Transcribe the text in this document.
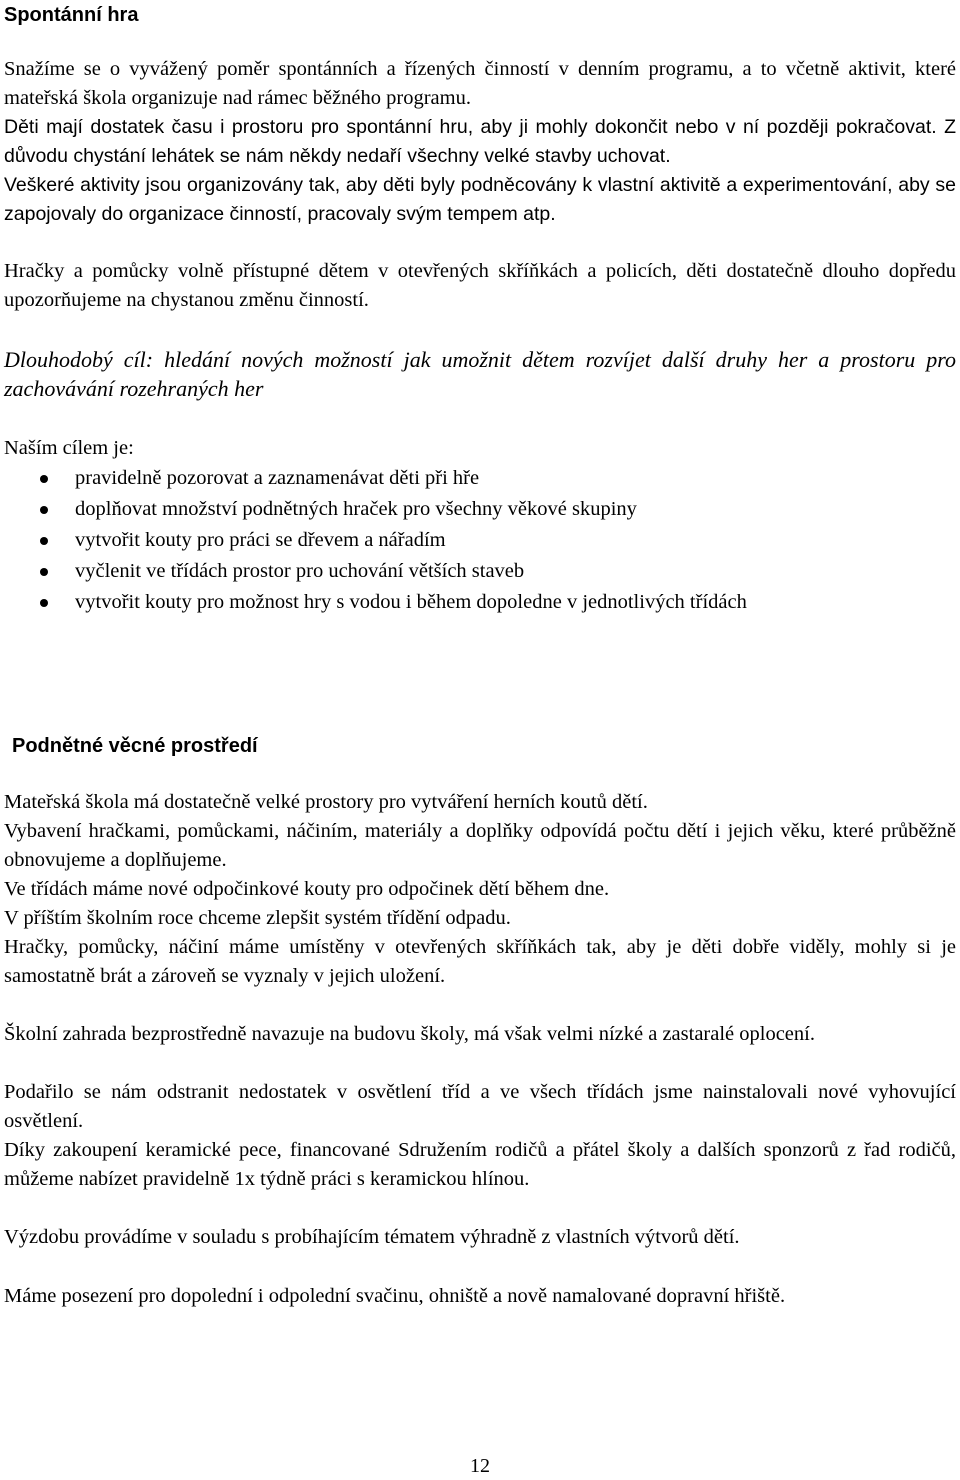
Spontánní hra

Snažíme se o vyvážený poměr spontánních a řízených činností v denním programu, a to včetně aktivit, které mateřská škola organizuje nad rámec běžného programu.

Děti mají dostatek času i prostoru pro spontánní hru, aby ji mohly dokončit nebo v ní později pokračovat. Z důvodu chystání lehátek se nám někdy nedaří všechny velké stavby uchovat.

Veškeré aktivity jsou organizovány tak, aby děti byly podněcovány k vlastní aktivitě a experimentování, aby se zapojovaly do organizace činností, pracovaly svým tempem atp.

Hračky a pomůcky volně přístupné dětem v otevřených skříňkách a policích, děti dostatečně dlouho dopředu upozorňujeme na chystanou změnu činností.

Dlouhodobý cíl: hledání nových možností jak umožnit dětem rozvíjet další druhy her a prostoru pro zachovávání rozehraných her

Naším cílem je:

pravidelně pozorovat a zaznamenávat děti při hře
doplňovat množství podnětných hraček pro všechny věkové skupiny
vytvořit kouty pro práci se dřevem a nářadím
vyčlenit ve třídách prostor pro uchování větších staveb
vytvořit kouty pro možnost hry s vodou i během dopoledne v jednotlivých třídách
Podnětné věcné prostředí

Mateřská škola má dostatečně velké prostory pro vytváření herních koutů dětí.

Vybavení hračkami, pomůckami, náčiním, materiály a doplňky odpovídá počtu dětí i jejich věku, které průběžně obnovujeme a doplňujeme.

Ve třídách máme nové odpočinkové kouty pro odpočinek dětí během dne.

V příštím školním roce chceme zlepšit systém třídění odpadu.

Hračky, pomůcky, náčiní máme umístěny v otevřených skříňkách tak, aby je děti dobře viděly, mohly si je samostatně brát a zároveň se vyznaly v jejich uložení.

Školní zahrada bezprostředně navazuje na budovu školy, má však velmi nízké a zastaralé oplocení.

Podařilo se nám odstranit nedostatek v osvětlení tříd a ve všech třídách jsme nainstalovali nové vyhovující osvětlení.

Díky zakoupení keramické pece, financované Sdružením rodičů a přátel školy a dalších sponzorů z řad rodičů, můžeme nabízet pravidelně 1x týdně práci s keramickou hlínou.

Výzdobu provádíme v souladu s probíhajícím tématem výhradně z vlastních výtvorů dětí.

Máme posezení pro dopolední i odpolední svačinu, ohniště a nově namalované dopravní hřiště.

12
